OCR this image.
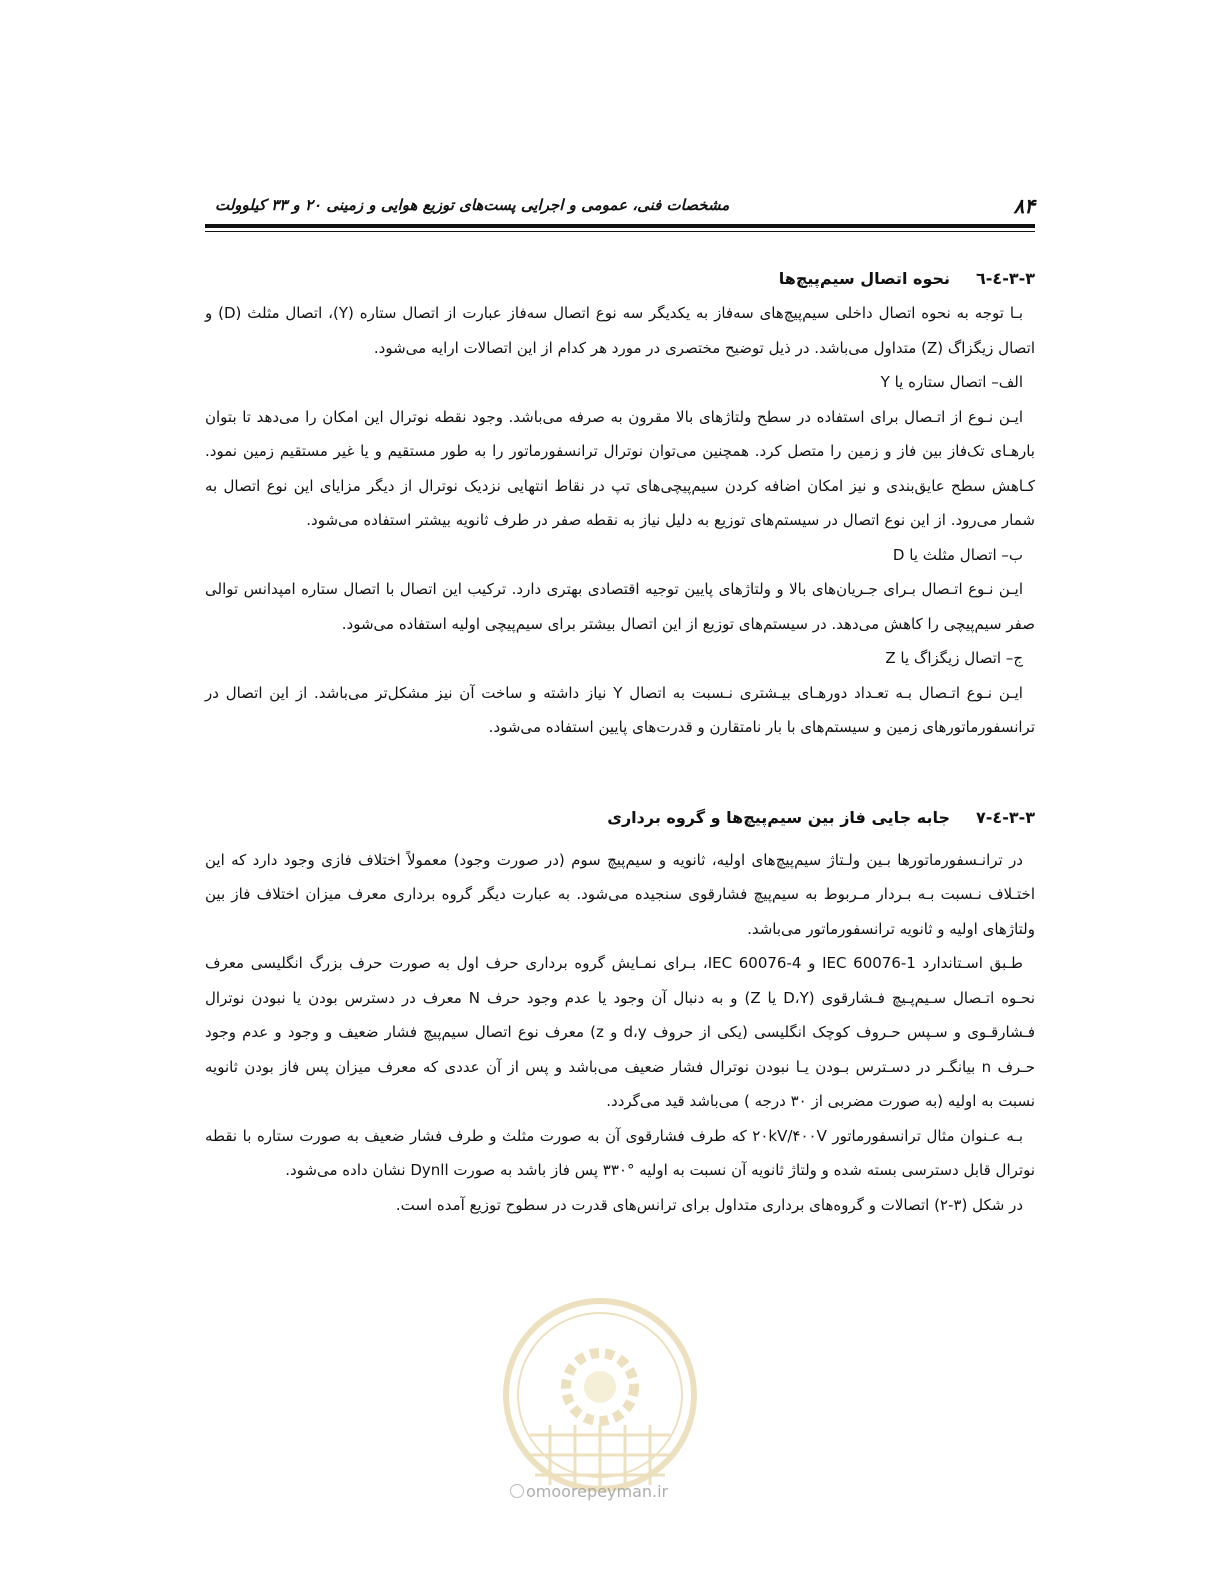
۸۴
مشخصات فنی، عمومی و اجرایی پست‌های توزیع هوایی و زمینی ۲۰ و ۳۳ کیلوولت

۳-۳-٤-٦نحوه اتصال سیم‌پیچ‌ها

بـا توجه به نحوه اتصال داخلی سیم‌پیچ‌های سه‌فاز به یکدیگر سه نوع اتصال سه‌فاز عبارت از اتصال ستاره (Y)، اتصال مثلث (D) و اتصال زیگزاگ (Z) متداول می‌باشد. در ذیل توضیح مختصری در مورد هر کدام از این اتصالات ارایه می‌شود.

الف– اتصال ستاره یا Y

ایـن نـوع از اتـصال برای استفاده در سطح ولتاژهای بالا مقرون به صرفه می‌باشد. وجود نقطه نوترال این امکان را می‌دهد تا بتوان بارهـای تک‌فاز بین فاز و زمین را متصل کرد. همچنین می‌توان نوترال ترانسفورماتور را به طور مستقیم و یا غیر مستقیم زمین نمود. کـاهش سطح عایق‌بندی و نیز امکان اضافه کردن سیم‌پیچی‌های تپ در نقاط انتهایی نزدیک نوترال از دیگر مزایای این نوع اتصال به شمار می‌رود. از این نوع اتصال در سیستم‌های توزیع به دلیل نیاز به نقطه صفر در طرف ثانویه بیشتر استفاده می‌شود.

ب– اتصال مثلث یا D

ایـن نـوع اتـصال بـرای جـریان‌های بالا و ولتاژهای پایین توجیه اقتصادی بهتری دارد. ترکیب این اتصال با اتصال ستاره امپدانس توالی صفر سیم‌پیچی را کاهش می‌دهد. در سیستم‌های توزیع از این اتصال بیشتر برای سیم‌پیچی اولیه استفاده می‌شود.

ج– اتصال زیگزاگ یا Z

ایـن نـوع اتـصال بـه تعـداد دورهـای بیـشتری نـسبت به اتصال Y نیاز داشته و ساخت آن نیز مشکل‌تر می‌باشد. از این اتصال در ترانسفورماتورهای زمین و سیستم‌های با بار نامتقارن و قدرت‌های پایین استفاده می‌شود.

۳-۳-٤-۷جابه جایی فاز بین سیم‌پیچ‌ها و گروه برداری

در ترانـسفورماتورها بـین ولـتاژ سیم‌پیچ‌های اولیه، ثانویه و سیم‌پیچ سوم (در صورت وجود) معمولاً اختلاف فازی وجود دارد که این اختـلاف نـسبت بـه بـردار مـربوط به سیم‌پیچ فشارقوی سنجیده می‌شود. به عبارت دیگر گروه برداری معرف میزان اختلاف فاز بین ولتاژهای اولیه و ثانویه ترانسفورماتور می‌باشد.

طـبق اسـتاندارد IEC 60076-1 و IEC 60076-4، بـرای نمـایش گروه برداری حرف اول به صورت حرف بزرگ انگلیسی معرف نحـوه اتـصال سـیم‌پـیچ فـشارقوی (D،Y یا Z) و به دنبال آن وجود یا عدم وجود حرف N معرف در دسترس بودن یا نبودن نوترال فـشارقـوی و سـپس حـروف کوچک انگلیسی (یکی از حروف d،y و z) معرف نوع اتصال سیم‌پیچ فشار ضعیف و وجود و عدم وجود حـرف n بیانگـر در دسـترس بـودن یـا نبودن نوترال فشار ضعیف می‌باشد و پس از آن عددی که معرف میزان پس فاز بودن ثانویه نسبت به اولیه (به صورت مضربی از ۳۰ درجه ) می‌باشد قید می‌گردد.

بـه عـنوان مثال ترانسفورماتور ۲۰kV/۴۰۰V که طرف فشارقوی آن به صورت مثلث و طرف فشار ضعیف به صورت ستاره با نقطه نوترال قابل دسترسی بسته شده و ولتاژ ثانویه آن نسبت به اولیه °۳۳۰ پس فاز باشد به صورت Dynll نشان داده می‌شود.

در شکل (۳-۲) اتصالات و گروه‌های برداری متداول برای ترانس‌های قدرت در سطوح توزیع آمده است.

omoorepeyman.ir
